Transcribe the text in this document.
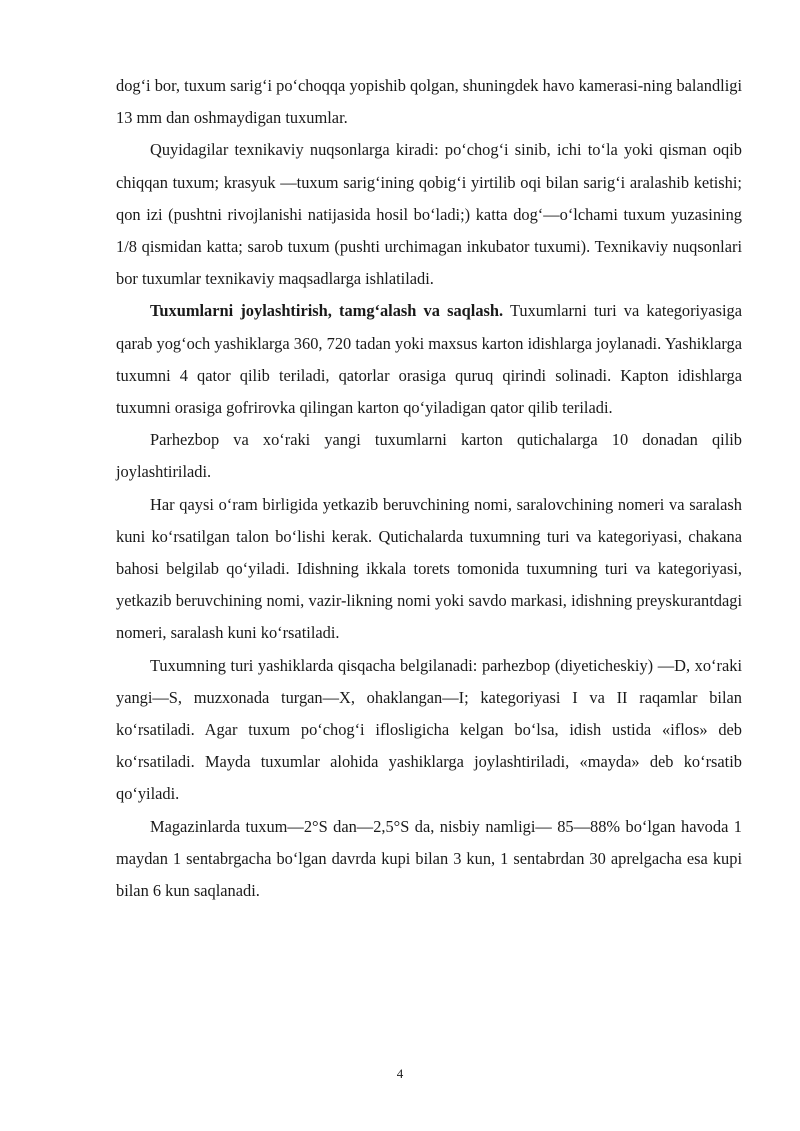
dog‘i bor, tuxum sarig‘i po‘choqqa yopishib qolgan, shuningdek havo kamerasi-ning balandligi 13 mm dan oshmaydigan tuxumlar.

Quyidagilar texnikaviy nuqsonlarga kiradi: po‘chog‘i sinib, ichi to‘la yoki qisman oqib chiqqan tuxum; krasyuk —tuxum sarig‘ining qobig‘i yirtilib oqi bilan sarig‘i aralashib ketishi; qon izi (pushtni rivojlanishi natijasida hosil bo‘ladi;) katta dog‘—o‘lchami tuxum yuzasining 1/8 qismidan katta; sarob tuxum (pushti urchimagan inkubator tuxumi). Texnikaviy nuqsonlari bor tuxumlar texnikaviy maqsadlarga ishlatiladi.

Tuxumlarni joylashtirish, tamg‘alash va saqlash. Tuxumlarni turi va kategoriyasiga qarab yog‘och yashiklarga 360, 720 tadan yoki maxsus karton idishlarga joylanadi. Yashiklarga tuxumni 4 qator qilib teriladi, qatorlar orasiga quruq qirindi solinadi. Kapton idishlarga tuxumni orasiga gofrirovka qilingan karton qo‘yiladigan qator qilib teriladi.

Parhezbop va xo‘raki yangi tuxumlarni karton qutichalarga 10 donadan qilib joylashtiriladi.

Har qaysi o‘ram birligida yetkazib beruvchining nomi, saralovchining nomeri va saralash kuni ko‘rsatilgan talon bo‘lishi kerak. Qutichalarda tuxumning turi va kategoriyasi, chakana bahosi belgilab qo‘yiladi. Idishning ikkala torets tomonida tuxumning turi va kategoriyasi, yetkazib beruvchining nomi, vazir-likning nomi yoki savdo markasi, idishning preyskurantdagi nomeri, saralash kuni ko‘rsatiladi.

Tuxumning turi yashiklarda qisqacha belgilanadi: parhezbop (diyeticheskiy) —D, xo‘raki yangi—S, muzxonada turgan—X, ohaklangan—I; kategoriyasi I va II raqamlar bilan ko‘rsatiladi. Agar tuxum po‘chog‘i iflosligicha kelgan bo‘lsa, idish ustida «iflos» deb ko‘rsatiladi. Mayda tuxumlar alohida yashiklarga joylashtiriladi, «mayda» deb ko‘rsatib qo‘yiladi.

Magazinlarda tuxum—2°S dan—2,5°S da, nisbiy namligi— 85—88% bo‘lgan havoda 1 maydan 1 sentabrgacha bo‘lgan davrda kupi bilan 3 kun, 1 sentabrdan 30 aprelgacha esa kupi bilan 6 kun saqlanadi.

4
